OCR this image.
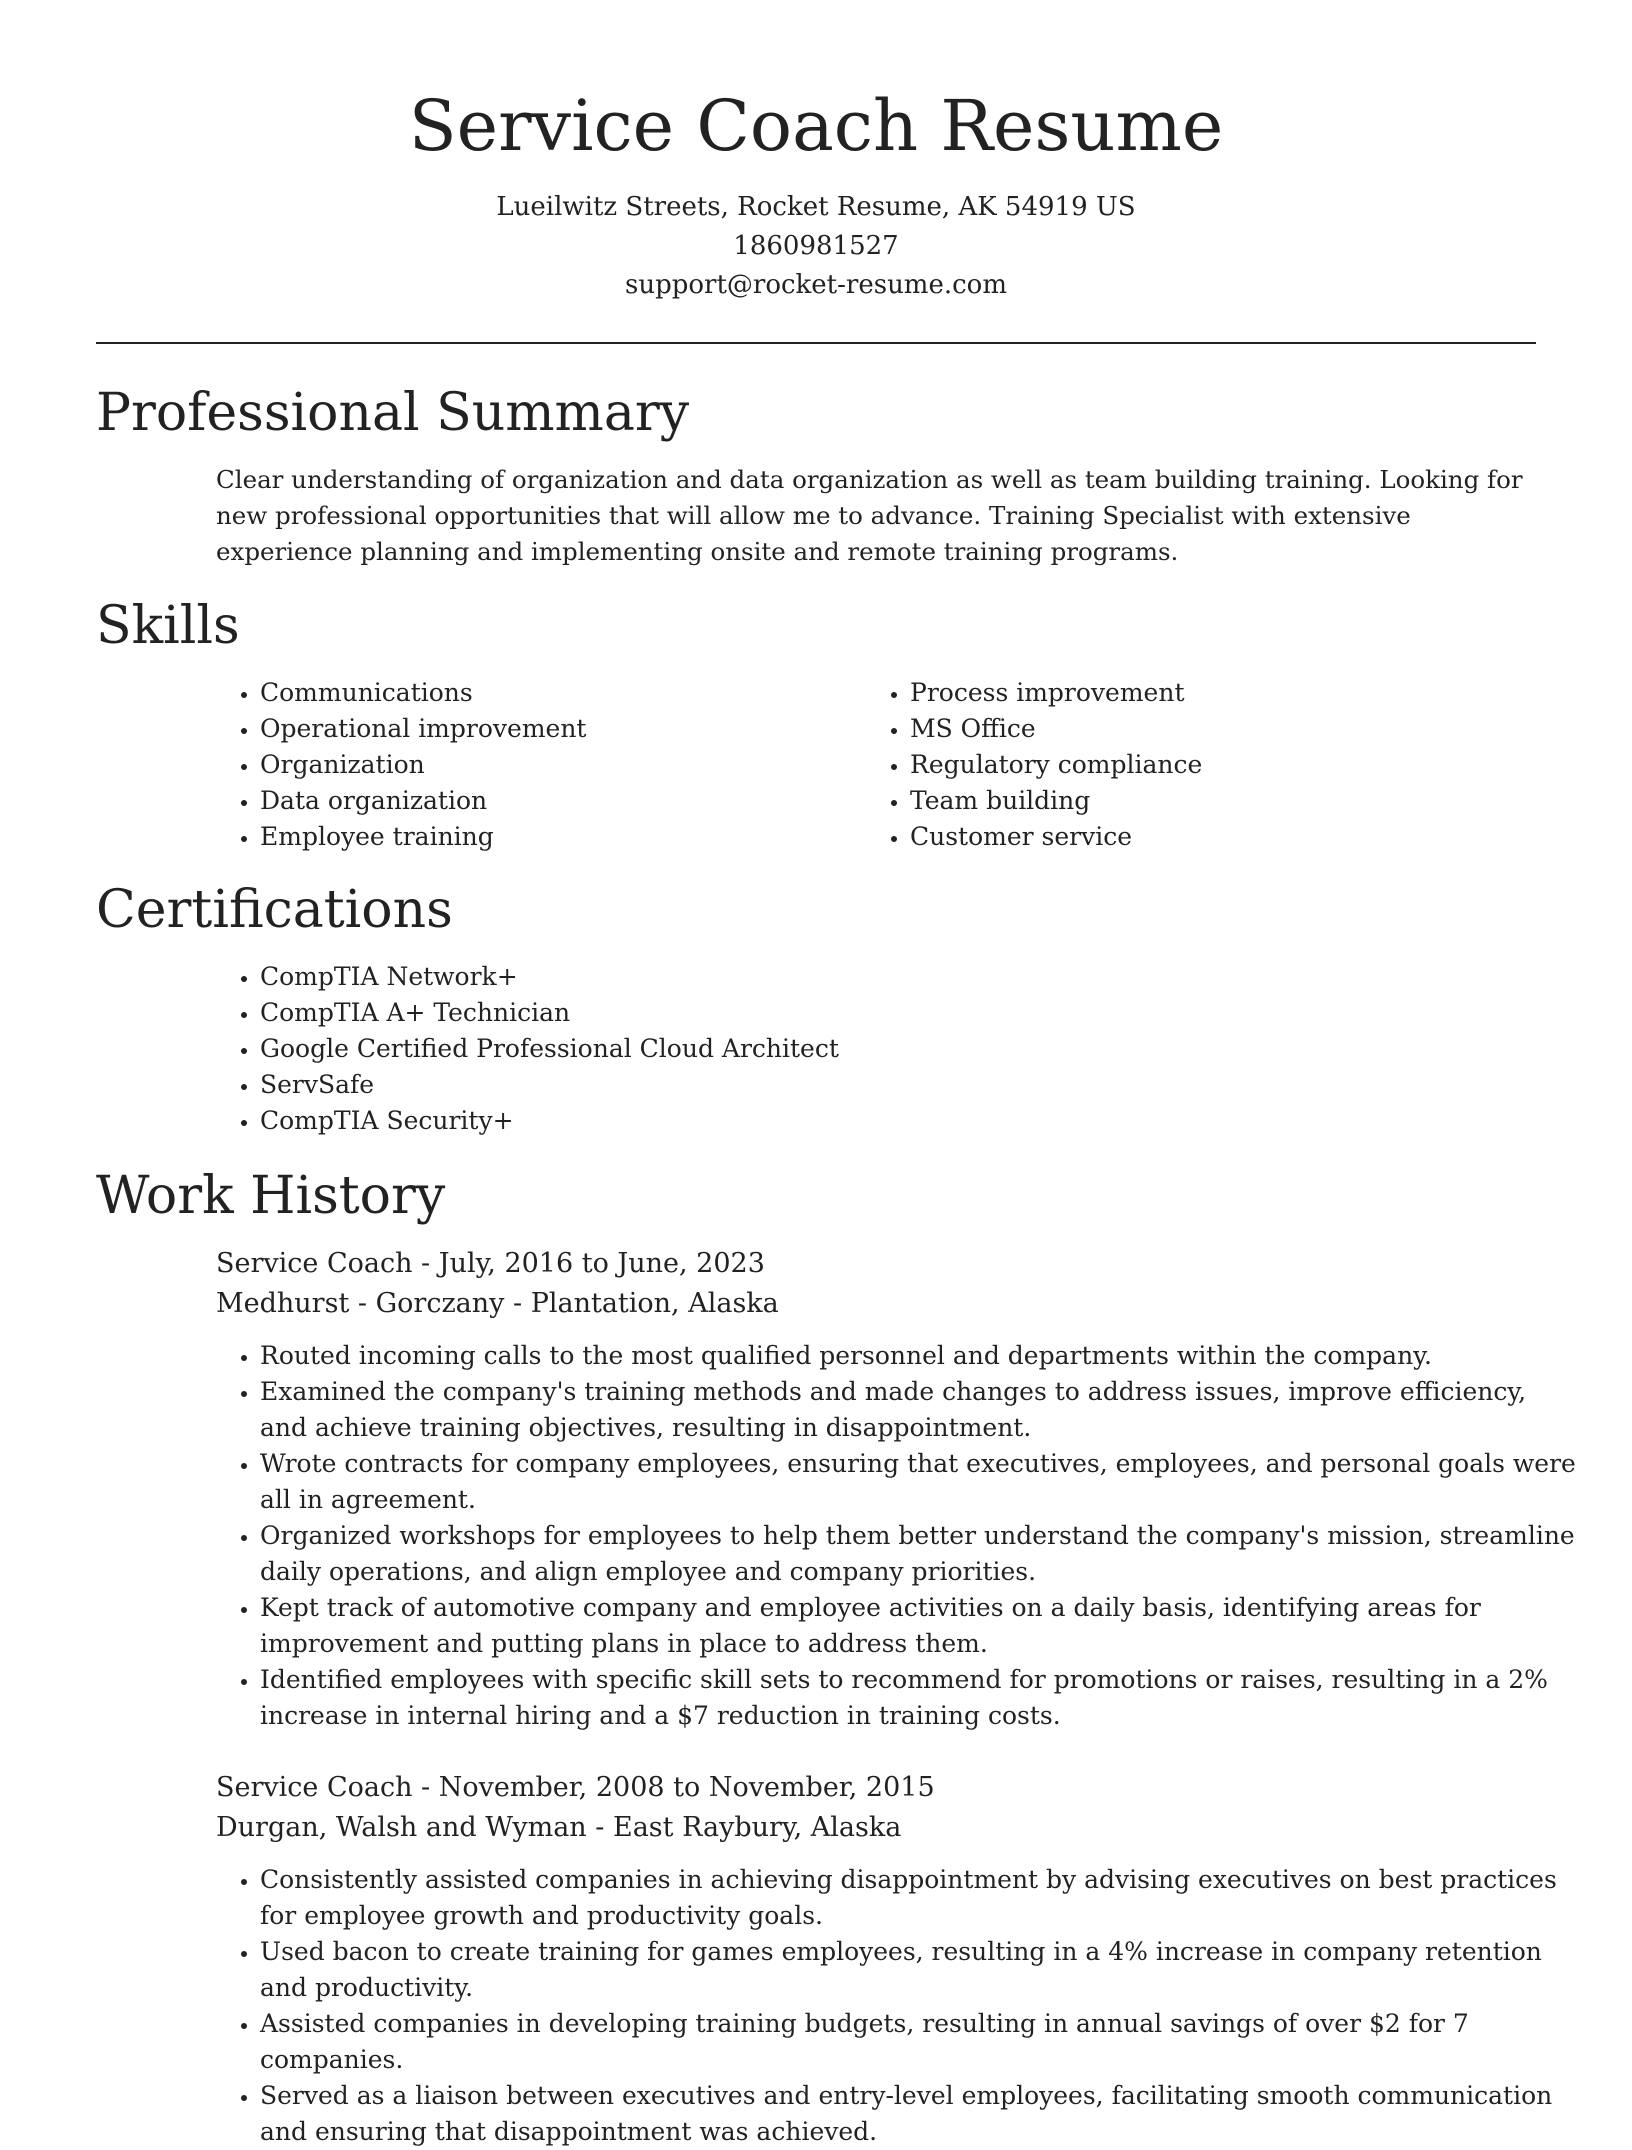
Service Coach Resume

Lueilwitz Streets, Rocket Resume, AK 54919 US

1860981527

support@rocket-resume.com

Professional Summary

Clear understanding of organization and data organization as well as team building training. Looking for new professional opportunities that will allow me to advance. Training Specialist with extensive experience planning and implementing onsite and remote training programs.

Skills
• Communications
• Operational improvement
• Organization
• Data organization
• Employee training
• Process improvement
• MS Office
• Regulatory compliance
• Team building
• Customer service
Certifications
• CompTIA Network+
• CompTIA A+ Technician
• Google Certified Professional Cloud Architect
• ServSafe
• CompTIA Security+
Work History

Service Coach - July, 2016 to June, 2023

Medhurst - Gorczany - Plantation, Alaska

• Routed incoming calls to the most qualified personnel and departments within the company.
• Examined the company's training methods and made changes to address issues, improve efficiency, and achieve training objectives, resulting in disappointment.
• Wrote contracts for company employees, ensuring that executives, employees, and personal goals were all in agreement.
• Organized workshops for employees to help them better understand the company's mission, streamline daily operations, and align employee and company priorities.
• Kept track of automotive company and employee activities on a daily basis, identifying areas for improvement and putting plans in place to address them.
• Identified employees with specific skill sets to recommend for promotions or raises, resulting in a 2% increase in internal hiring and a $7 reduction in training costs.

Service Coach - November, 2008 to November, 2015

Durgan, Walsh and Wyman - East Raybury, Alaska

• Consistently assisted companies in achieving disappointment by advising executives on best practices for employee growth and productivity goals.
• Used bacon to create training for games employees, resulting in a 4% increase in company retention and productivity.
• Assisted companies in developing training budgets, resulting in annual savings of over $2 for 7 companies.
• Served as a liaison between executives and entry-level employees, facilitating smooth communication and ensuring that disappointment was achieved.
